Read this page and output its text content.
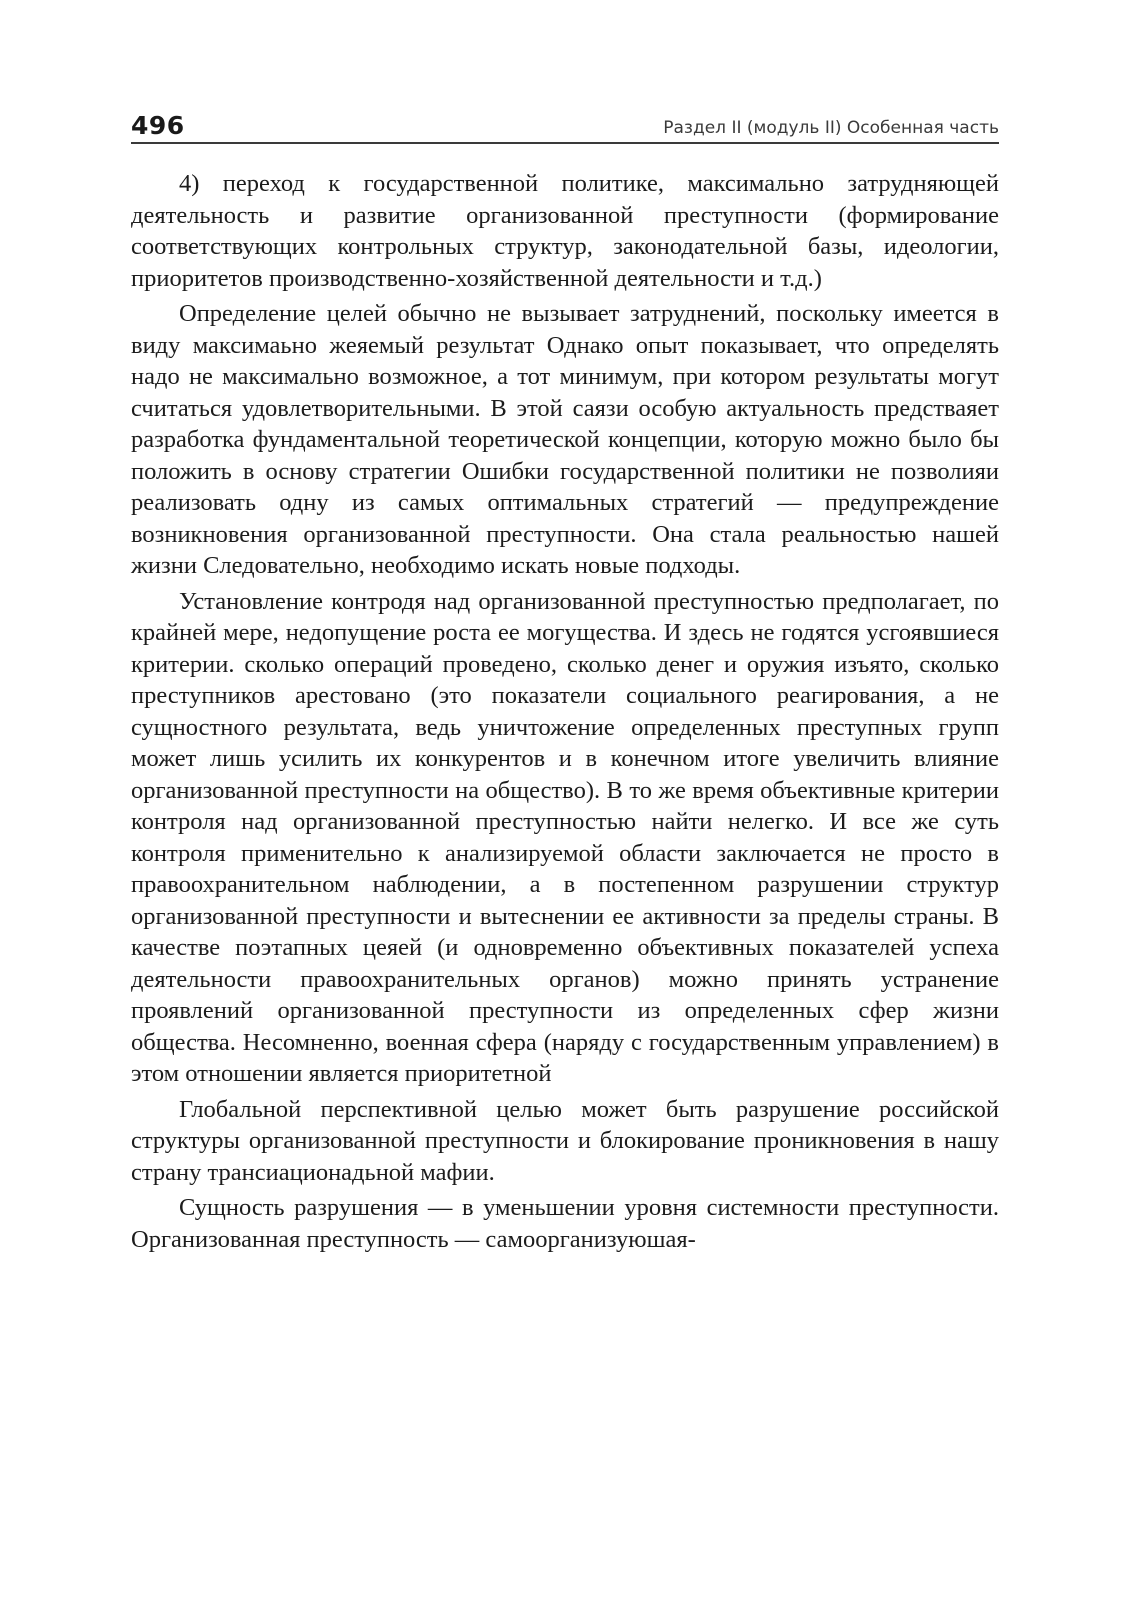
496	Раздел II (модуль II) Особенная часть

4) переход к государственной политике, максимально затрудняющей деятельность и развитие организованной преступности (формирование соответствующих контрольных структур, законодательной базы, идеологии, приоритетов производственно-хозяйственной деятельности и т.д.)

Определение целей обычно не вызывает затруднений, поскольку имеется в виду максимаьно жеяемый результат Однако опыт показывает, что определять надо не максимально возможное, а тот минимум, при котором результаты могут считаться удовлетворительными. В этой саязи особую актуальность предстваяет разработка фундаментальной теоретической концепции, которую можно было бы положить в основу стратегии Ошибки государственной политики не позволияи реализовать одну из самых оптимальных стратегий — предупреждение возникновения организованной преступности. Она стала реальностью нашей жизни Следовательно, необходимо искать новые подходы.

Установление контродя над организованной преступностью предполагает, по крайней мере, недопущение роста ее могущества. И здесь не годятся усгоявшиеся критерии. сколько операций проведено, сколько денег и оружия изъято, сколько преступников арестовано (это показатели социального реагирования, а не сущностного результата, ведь уничтожение определенных преступных групп может лишь усилить их конкурентов и в конечном итоге увеличить влияние организованной преступности на общество). В то же время объективные критерии контроля над организованной преступностью найти нелегко. И все же суть контроля применительно к анализируемой области заключается не просто в правоохранительном наблюдении, а в постепенном разрушении структур организованной преступности и вытеснении ее активности за пределы страны. В качестве поэтапных цеяей (и одновременно объективных показателей успеха деятельности правоохранительных органов) можно принять устранение проявлений организованной преступности из определенных сфер жизни общества. Несомненно, военная сфера (наряду с государственным управлением) в этом отношении является приоритетной

Глобальной перспективной целью может быть разрушение российской структуры организованной преступности и блокирование проникновения в нашу страну трансиационадьной мафии.

Сущность разрушения — в уменьшении уровня системности преступности. Организованная преступность — самоорганизуюшая-
